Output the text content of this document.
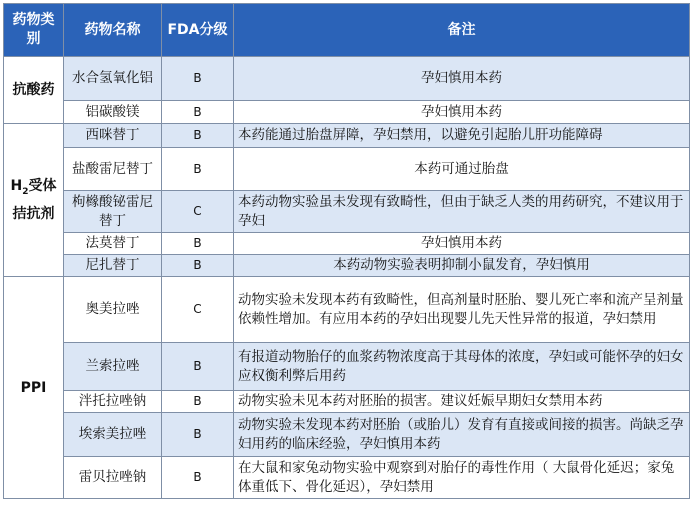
药物类别	药物名称	FDA分级	备注
抗酸药	水合氢氧化铝	B	孕妇慎用本药
	铝碳酸镁	B	孕妇慎用本药
$H_2$受体拮抗剂	西咪替丁	B	本药能通过胎盘屏障，孕妇禁用，以避免引起胎儿肝功能障碍
	盐酸雷尼替丁	B	本药可通过胎盘
	枸橼酸铋雷尼替丁	C	本药动物实验虽未发现有致畸性，但由于缺乏人类的用药研究，不建议用于孕妇
	法莫替丁	B	孕妇慎用本药
	尼扎替丁	B	本药动物实验表明抑制小鼠发育，孕妇慎用
PPI	奥美拉唑	C	动物实验未发现本药有致畸性，但高剂量时胚胎、婴儿死亡率和流产呈剂量依赖性增加。有应用本药的孕妇出现婴儿先天性异常的报道，孕妇禁用
	兰索拉唑	B	有报道动物胎仔的血浆药物浓度高于其母体的浓度，孕妇或可能怀孕的妇女应权衡利弊后用药
	泮托拉唑钠	B	动物实验未见本药对胚胎的损害。建议妊娠早期妇女禁用本药
	埃索美拉唑	B	动物实验未发现本药对胚胎（或胎儿）发育有直接或间接的损害。尚缺乏孕妇用药的临床经验，孕妇慎用本药
	雷贝拉唑钠	B	在大鼠和家兔动物实验中观察到对胎仔的毒性作用（ 大鼠骨化延迟；家兔体重低下、骨化延迟），孕妇禁用
